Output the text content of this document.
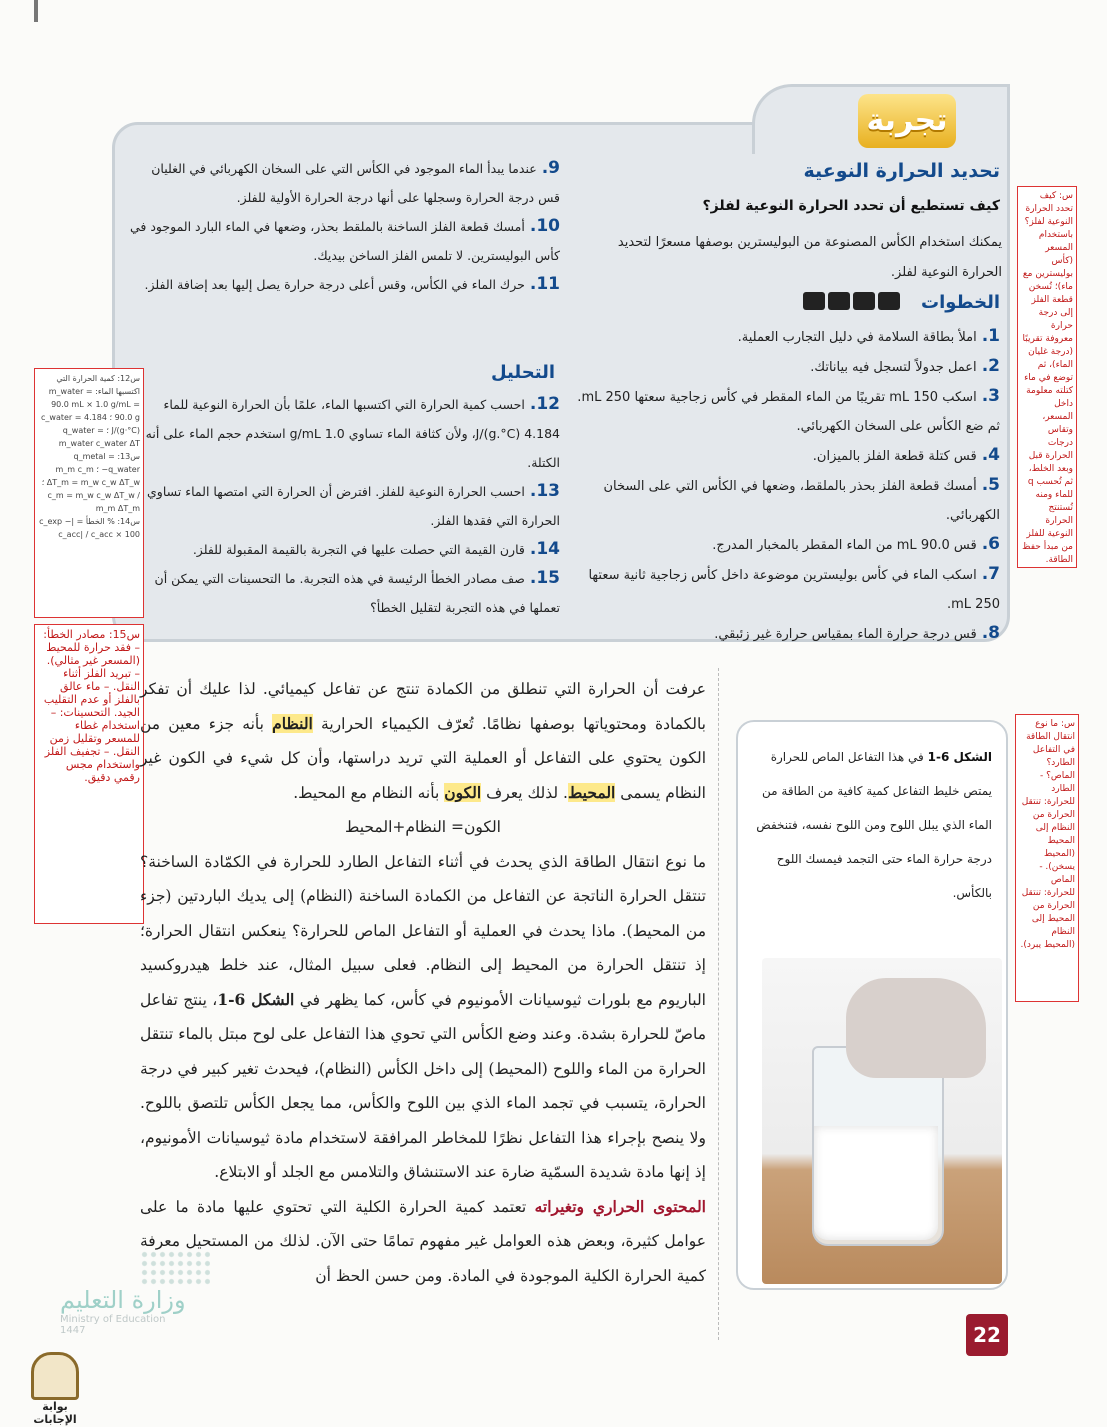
تجربة
تحديد الحرارة النوعية
كيف تستطيع أن تحدد الحرارة النوعية لفلز؟
يمكنك استخدام الكأس المصنوعة من البوليسترين بوصفها مسعرًا لتحديد الحرارة النوعية لفلز.
الخطوات
1.املأ بطاقة السلامة في دليل التجارب العملية.
2.اعمل جدولاً لتسجل فيه بياناتك.
3.اسكب 150 mL تقريبًا من الماء المقطر في كأس زجاجية سعتها 250 mL. ثم ضع الكأس على السخان الكهربائي.
4.قس كتلة قطعة الفلز بالميزان.
5.أمسك قطعة الفلز بحذر بالملقط، وضعها في الكأس التي على السخان الكهربائي.
6.قس 90.0 mL من الماء المقطر بالمخبار المدرج.
7.اسكب الماء في كأس بوليسترين موضوعة داخل كأس زجاجية ثانية سعتها 250 mL.
8.قس درجة حرارة الماء بمقياس حرارة غير زئبقي.
9.عندما يبدأ الماء الموجود في الكأس التي على السخان الكهربائي في الغليان قس درجة الحرارة وسجلها على أنها درجة الحرارة الأولية للفلز.
10.أمسك قطعة الفلز الساخنة بالملقط بحذر، وضعها في الماء البارد الموجود في كأس البوليسترين. لا تلمس الفلز الساخن بيديك.
11.حرك الماء في الكأس، وقس أعلى درجة حرارة يصل إليها بعد إضافة الفلز.
التحليل
12.احسب كمية الحرارة التي اكتسبها الماء، علمًا بأن الحرارة النوعية للماء 4.184 J/(g.°C)، ولأن كثافة الماء تساوي 1.0 g/mL استخدم حجم الماء على أنه الكتلة.
13.احسب الحرارة النوعية للفلز. افترض أن الحرارة التي امتصها الماء تساوي الحرارة التي فقدها الفلز.
14.قارن القيمة التي حصلت عليها في التجربة بالقيمة المقبولة للفلز.
15.صف مصادر الخطأ الرئيسة في هذه التجربة. ما التحسينات التي يمكن أن تعملها في هذه التجربة لتقليل الخطأ؟
س: كيف تحدد الحرارة النوعية لفلز؟ باستخدام المسعر (كأس بوليسترين مع ماء)؛ تُسخن قطعة الفلز إلى درجة حرارة معروفة تقريبًا (درجة غليان الماء)، ثم توضع في ماء كتلته معلومة داخل المسعر، وتقاس درجات الحرارة قبل وبعد الخلط، ثم تُحسب q للماء ومنه تُستنتج الحرارة النوعية للفلز من مبدأ حفظ الطاقة.
س: ما نوع انتقال الطاقة في التفاعل الطارد؟ الماص؟ - الطارد للحرارة: تنتقل الحرارة من النظام إلى المحيط (المحيط يسخن). - الماص للحرارة: تنتقل الحرارة من المحيط إلى النظام (المحيط يبرد).
س12: كمية الحرارة التي اكتسبها الماء: m_water = 90.0 mL × 1.0 g/mL = 90.0 g ؛ c_water = 4.184 J/(g·°C) ؛ q_water = m_water c_water ΔT
س13: q_metal = −q_water ؛ m_m c_m ΔT_m = m_w c_w ΔT_w ؛ c_m = m_w c_w ΔT_w / m_m ΔT_m
س14: % الخطأ = |c_exp − c_acc| / c_acc × 100
س15: مصادر الخطأ: – فقد حرارة للمحيط (المسعر غير مثالي). – تبريد الفلز أثناء النقل. – ماء عالق بالفلز أو عدم التقليب الجيد. التحسينات: – استخدام غطاء للمسعر وتقليل زمن النقل. – تجفيف الفلز واستخدام مجس رقمي دقيق.

عرفت أن الحرارة التي تنطلق من الكمادة تنتج عن تفاعل كيميائي. لذا عليك أن تفكر بالكمادة ومحتوياتها بوصفها نظامًا. تُعرّف الكيمياء الحرارية النظام بأنه جزء معين من الكون يحتوي على التفاعل أو العملية التي تريد دراستها، وأن كل شيء في الكون غير النظام يسمى المحيط. لذلك يعرف الكون بأنه النظام مع المحيط.

الكون= النظام+المحيط

ما نوع انتقال الطاقة الذي يحدث في أثناء التفاعل الطارد للحرارة في الكمّادة الساخنة؟ تنتقل الحرارة الناتجة عن التفاعل من الكمادة الساخنة (النظام) إلى يديك الباردتين (جزء من المحيط). ماذا يحدث في العملية أو التفاعل الماص للحرارة؟ ينعكس انتقال الحرارة؛ إذ تنتقل الحرارة من المحيط إلى النظام. فعلى سبيل المثال، عند خلط هيدروكسيد الباريوم مع بلورات ثيوسيانات الأمونيوم في كأس، كما يظهر في الشكل 6-1، ينتج تفاعل ماصّ للحرارة بشدة. وعند وضع الكأس التي تحوي هذا التفاعل على لوح مبتل بالماء تنتقل الحرارة من الماء واللوح (المحيط) إلى داخل الكأس (النظام)، فيحدث تغير كبير في درجة الحرارة، يتسبب في تجمد الماء الذي بين اللوح والكأس، مما يجعل الكأس تلتصق باللوح. ولا ينصح بإجراء هذا التفاعل نظرًا للمخاطر المرافقة لاستخدام مادة ثيوسيانات الأمونيوم، إذ إنها مادة شديدة السمّية ضارة عند الاستنشاق والتلامس مع الجلد أو الابتلاع.

المحتوى الحراري وتغيراته تعتمد كمية الحرارة الكلية التي تحتوي عليها مادة ما على عوامل كثيرة، وبعض هذه العوامل غير مفهوم تمامًا حتى الآن. لذلك من المستحيل معرفة كمية الحرارة الكلية الموجودة في المادة. ومن حسن الحظ أن

الشكل 6-1 في هذا التفاعل الماص للحرارة يمتص خليط التفاعل كمية كافية من الطاقة من الماء الذي يبلل اللوح ومن اللوح نفسه، فتنخفض درجة حرارة الماء حتى التجمد فيمسك اللوح بالكأس.
22
وزارة التعليم
Ministry of Education
1447
بوابة الإجابات
